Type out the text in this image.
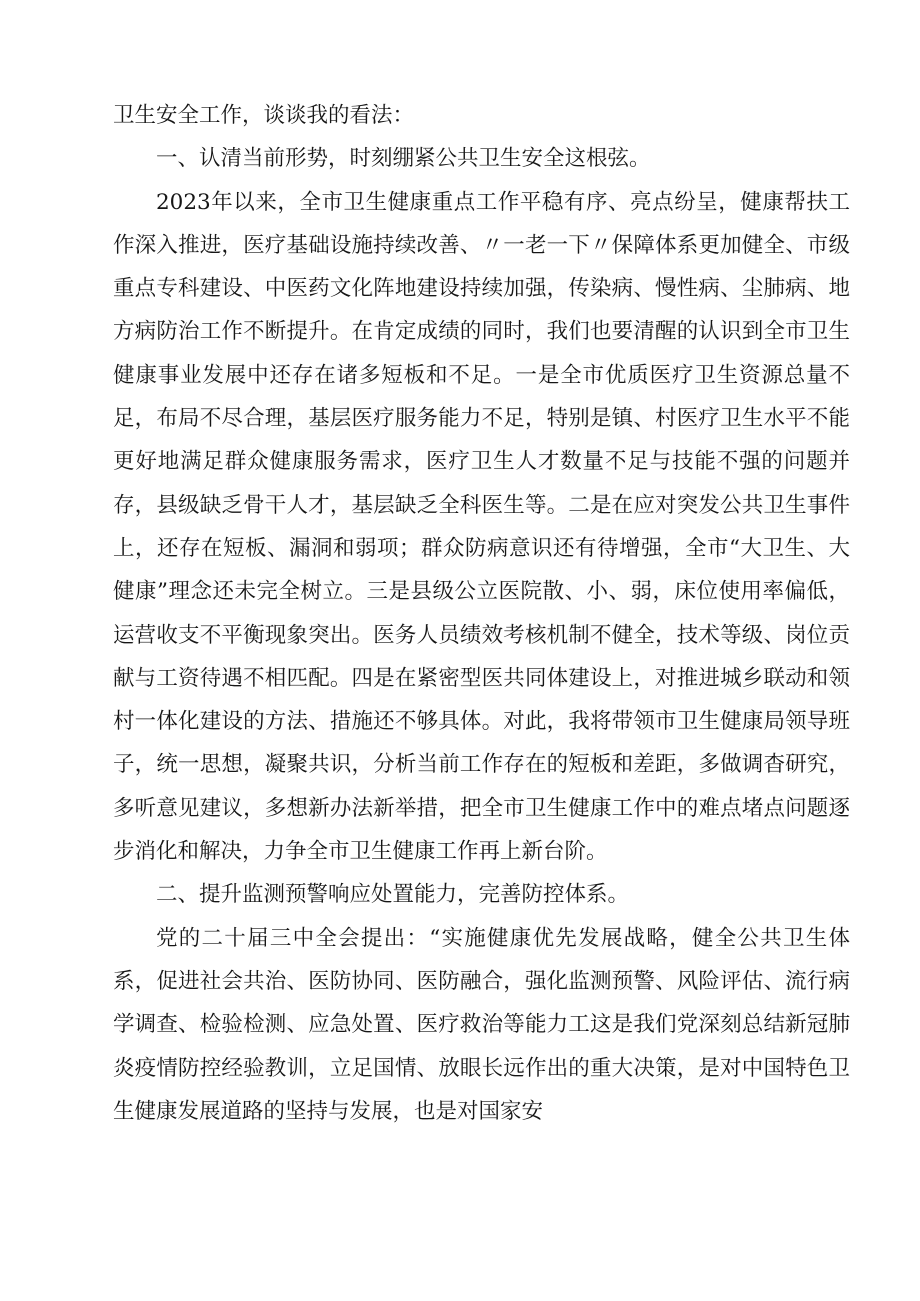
卫生安全工作，谈谈我的看法：

一、认清当前形势，时刻绷紧公共卫生安全这根弦。

2023年以来，全市卫生健康重点工作平稳有序、亮点纷呈，健康帮扶工作深入推进，医疗基础设施持续改善、〃一老一下〃保障体系更加健全、市级重点专科建设、中医药文化阵地建设持续加强，传染病、慢性病、尘肺病、地方病防治工作不断提升。在肯定成绩的同时，我们也要清醒的认识到全市卫生健康事业发展中还存在诸多短板和不足。一是全市优质医疗卫生资源总量不足，布局不尽合理，基层医疗服务能力不足，特别是镇、村医疗卫生水平不能更好地满足群众健康服务需求，医疗卫生人才数量不足与技能不强的问题并存，县级缺乏骨干人才，基层缺乏全科医生等。二是在应对突发公共卫生事件上，还存在短板、漏洞和弱项；群众防病意识还有待增强，全市“大卫生、大健康”理念还未完全树立。三是县级公立医院散、小、弱，床位使用率偏低，运营收支不平衡现象突出。医务人员绩效考核机制不健全，技术等级、岗位贡献与工资待遇不相匹配。四是在紧密型医共同体建设上，对推进城乡联动和领村一体化建设的方法、措施还不够具体。对此，我将带领市卫生健康局领导班子，统一思想，凝聚共识，分析当前工作存在的短板和差距，多做调杳研究，多听意见建议，多想新办法新举措，把全市卫生健康工作中的难点堵点问题逐步消化和解决，力争全市卫生健康工作再上新台阶。

二、提升监测预警响应处置能力，完善防控体系。

党的二十届三中全会提出：“实施健康优先发展战略，健全公共卫生体系，促进社会共治、医防协同、医防融合，强化监测预警、风险评估、流行病学调查、检验检测、应急处置、医疗救治等能力工这是我们党深刻总结新冠肺炎疫情防控经验教训，立足国情、放眼长远作出的重大决策，是对中国特色卫生健康发展道路的坚持与发展，也是对国家安
